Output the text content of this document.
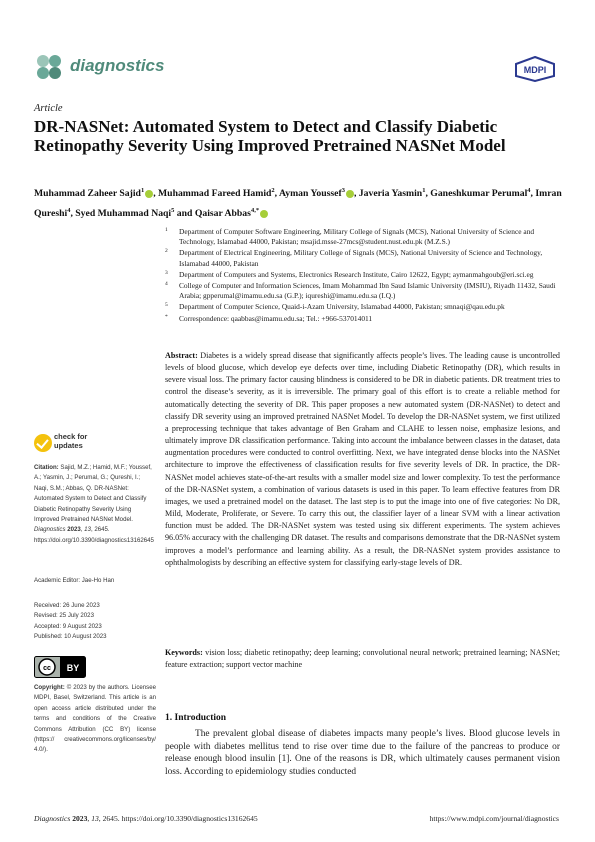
diagnostics	MDPI
Article
DR-NASNet: Automated System to Detect and Classify Diabetic Retinopathy Severity Using Improved Pretrained NASNet Model
Muhammad Zaheer Sajid$^1$ , Muhammad Fareed Hamid$^2$, Ayman Youssef$^3$ , Javeria Yasmin$^1$, Ganeshkumar Perumal$^4$, Imran Qureshi$^4$, Syed Muhammad Naqi$^5$ and Qaisar Abbas$^{4,*}$
1 Department of Computer Software Engineering, Military College of Signals (MCS), National University of Science and Technology, Islamabad 44000, Pakistan; msajid.msse-27mcs@student.nust.edu.pk (M.Z.S.)
2 Department of Electrical Engineering, Military College of Signals (MCS), National University of Science and Technology, Islamabad 44000, Pakistan
3 Department of Computers and Systems, Electronics Research Institute, Cairo 12622, Egypt; aymanmahgoub@eri.sci.eg
4 College of Computer and Information Sciences, Imam Mohammad Ibn Saud Islamic University (IMSIU), Riyadh 11432, Saudi Arabia; gpperumal@imamu.edu.sa (G.P.); iqureshi@imamu.edu.sa (I.Q.)
5 Department of Computer Science, Quaid-i-Azam University, Islamabad 44000, Pakistan; smnaqi@qau.edu.pk
* Correspondence: qaabbas@imamu.edu.sa; Tel.: +966-537014011
Abstract: Diabetes is a widely spread disease that significantly affects people’s lives. The leading cause is uncontrolled levels of blood glucose, which develop eye defects over time, including Diabetic Retinopathy (DR), which results in severe visual loss. The primary factor causing blindness is considered to be DR in diabetic patients. DR treatment tries to control the disease’s severity, as it is irreversible. The primary goal of this effort is to create a reliable method for automatically detecting the severity of DR. This paper proposes a new automated system (DR-NASNet) to detect and classify DR severity using an improved pretrained NASNet Model. To develop the DR-NASNet system, we first utilized a preprocessing technique that takes advantage of Ben Graham and CLAHE to lessen noise, emphasize lesions, and ultimately improve DR classification performance. Taking into account the imbalance between classes in the dataset, data augmentation procedures were conducted to control overfitting. Next, we have integrated dense blocks into the NASNet architecture to improve the effectiveness of classification results for five severity levels of DR. In practice, the DR-NASNet model achieves state-of-the-art results with a smaller model size and lower complexity. To test the performance of the DR-NASNet system, a combination of various datasets is used in this paper. To learn effective features from DR images, we used a pretrained model on the dataset. The last step is to put the image into one of five categories: No DR, Mild, Moderate, Proliferate, or Severe. To carry this out, the classifier layer of a linear SVM with a linear activation function must be added. The DR-NASNet system was tested using six different experiments. The system achieves 96.05% accuracy with the challenging DR dataset. The results and comparisons demonstrate that the DR-NASNet system improves a model’s performance and learning ability. As a result, the DR-NASNet system provides assistance to ophthalmologists by describing an effective system for classifying early-stage levels of DR.
Keywords: vision loss; diabetic retinopathy; deep learning; convolutional neural network; pretrained learning; NASNet; feature extraction; support vector machine
check for
updates
Citation: Sajid, M.Z.; Hamid, M.F.; Youssef, A.; Yasmin, J.; Perumal, G.; Qureshi, I.; Naqi, S.M.; Abbas, Q. DR-NASNet: Automated System to Detect and Classify Diabetic Retinopathy Severity Using Improved Pretrained NASNet Model. Diagnostics 2023, 13, 2645. https://doi.org/10.3390/diagnostics13162645
Academic Editor: Jae-Ho Han
Received: 26 June 2023
Revised: 25 July 2023
Accepted: 9 August 2023
Published: 10 August 2023
cc BY
Copyright: © 2023 by the authors. Licensee MDPI, Basel, Switzerland. This article is an open access article distributed under the terms and conditions of the Creative Commons Attribution (CC BY) license (https:// creativecommons.org/licenses/by/ 4.0/).
1. Introduction
The prevalent global disease of diabetes impacts many people’s lives. Blood glucose levels in people with diabetes mellitus tend to rise over time due to the failure of the pancreas to produce or release enough blood insulin [1]. One of the reasons is DR, which ultimately causes permanent vision loss. According to epidemiology studies conducted
Diagnostics 2023, 13, 2645. https://doi.org/10.3390/diagnostics13162645	https://www.mdpi.com/journal/diagnostics
